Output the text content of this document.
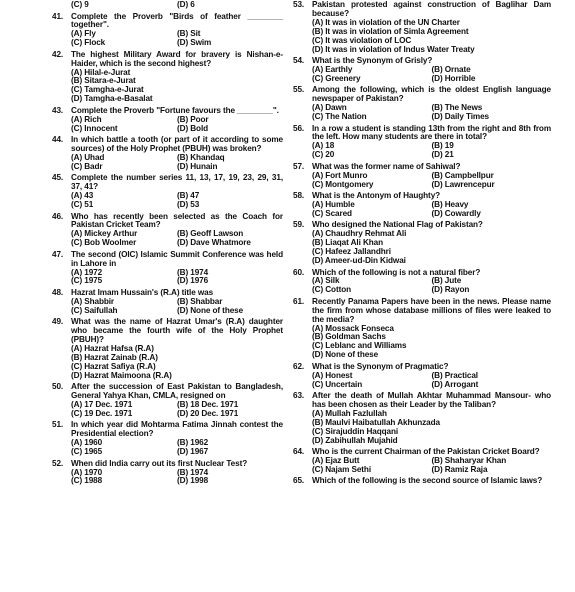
(C) 9	(D) 6
41. Complete the Proverb "Birds of feather ________ together".
(A) Fly	(B) Sit
(C) Flock	(D) Swim
42. The highest Military Award for bravery is Nishan-e-Haider, which is the second highest?
(A) Hilal-e-Jurat
(B) Sitara-e-Jurat
(C) Tamgha-e-Jurat
(D) Tamgha-e-Basalat
43. Complete the Proverb "Fortune favours the ________".
(A) Rich	(B) Poor
(C) Innocent	(D) Bold
44. In which battle a tooth (or part of it according to some sources) of the Holy Prophet (PBUH) was broken?
(A) Uhad	(B) Khandaq
(C) Badr	(D) Hunain
45. Complete the number series 11, 13, 17, 19, 23, 29, 31, 37, 41?
(A) 43	(B) 47
(C) 51	(D) 53
46. Who has recently been selected as the Coach for Pakistan Cricket Team?
(A) Mickey Arthur	(B) Geoff Lawson
(C) Bob Woolmer	(D) Dave Whatmore
47. The second (OIC) Islamic Summit Conference was held in Lahore in
(A) 1972	(B) 1974
(C) 1975	(D) 1976
48. Hazrat Imam Hussain's (R.A) title was
(A) Shabbir	(B) Shabbar
(C) Saifullah	(D) None of these
49. What was the name of Hazrat Umar's (R.A) daughter who became the fourth wife of the Holy Prophet (PBUH)?
(A) Hazrat Hafsa (R.A)
(B) Hazrat Zainab (R.A)
(C) Hazrat Safiya (R.A)
(D) Hazrat Maimoona (R.A)
50. After the succession of East Pakistan to Bangladesh, General Yahya Khan, CMLA, resigned on
(A) 17 Dec. 1971	(B) 18 Dec. 1971
(C) 19 Dec. 1971	(D) 20 Dec. 1971
51. In which year did Mohtarma Fatima Jinnah contest the Presidential election?
(A) 1960	(B) 1962
(C) 1965	(D) 1967
52. When did India carry out its first Nuclear Test?
(A) 1970	(B) 1974
(C) 1988	(D) 1998
53. Pakistan protested against construction of Baglihar Dam because?
(A) It was in violation of the UN Charter
(B) It was in violation of Simla Agreement
(C) It was violation of LOC
(D) It was in violation of Indus Water Treaty
54. What is the Synonym of Grisly?
(A) Earthly	(B) Ornate
(C) Greenery	(D) Horrible
55. Among the following, which is the oldest English language newspaper of Pakistan?
(A) Dawn	(B) The News
(C) The Nation	(D) Daily Times
56. In a row a student is standing 13th from the right and 8th from the left. How many students are there in total?
(A) 18	(B) 19
(C) 20	(D) 21
57. What was the former name of Sahiwal?
(A) Fort Munro	(B) Campbellpur
(C) Montgomery	(D) Lawrencepur
58. What is the Antonym of Haughty?
(A) Humble	(B) Heavy
(C) Scared	(D) Cowardly
59. Who designed the National Flag of Pakistan?
(A) Chaudhry Rehmat Ali
(B) Liaqat Ali Khan
(C) Hafeez Jallandhri
(D) Ameer-ud-Din Kidwai
60. Which of the following is not a natural fiber?
(A) Silk	(B) Jute
(C) Cotton	(D) Rayon
61. Recently Panama Papers have been in the news. Please name the firm from whose database millions of files were leaked to the media?
(A) Mossack Fonseca
(B) Goldman Sachs
(C) Leblanc and Williams
(D) None of these
62. What is the Synonym of Pragmatic?
(A) Honest	(B) Practical
(C) Uncertain	(D) Arrogant
63. After the death of Mullah Akhtar Muhammad Mansour- who has been chosen as their Leader by the Taliban?
(A) Mullah Fazlullah
(B) Maulvi Haibatullah Akhunzada
(C) Sirajuddin Haqqani
(D) Zabihullah Mujahid
64. Who is the current Chairman of the Pakistan Cricket Board?
(A) Ejaz Butt	(B) Shaharyar Khan
(C) Najam Sethi	(D) Ramiz Raja
65. Which of the following is the second source of Islamic laws?
